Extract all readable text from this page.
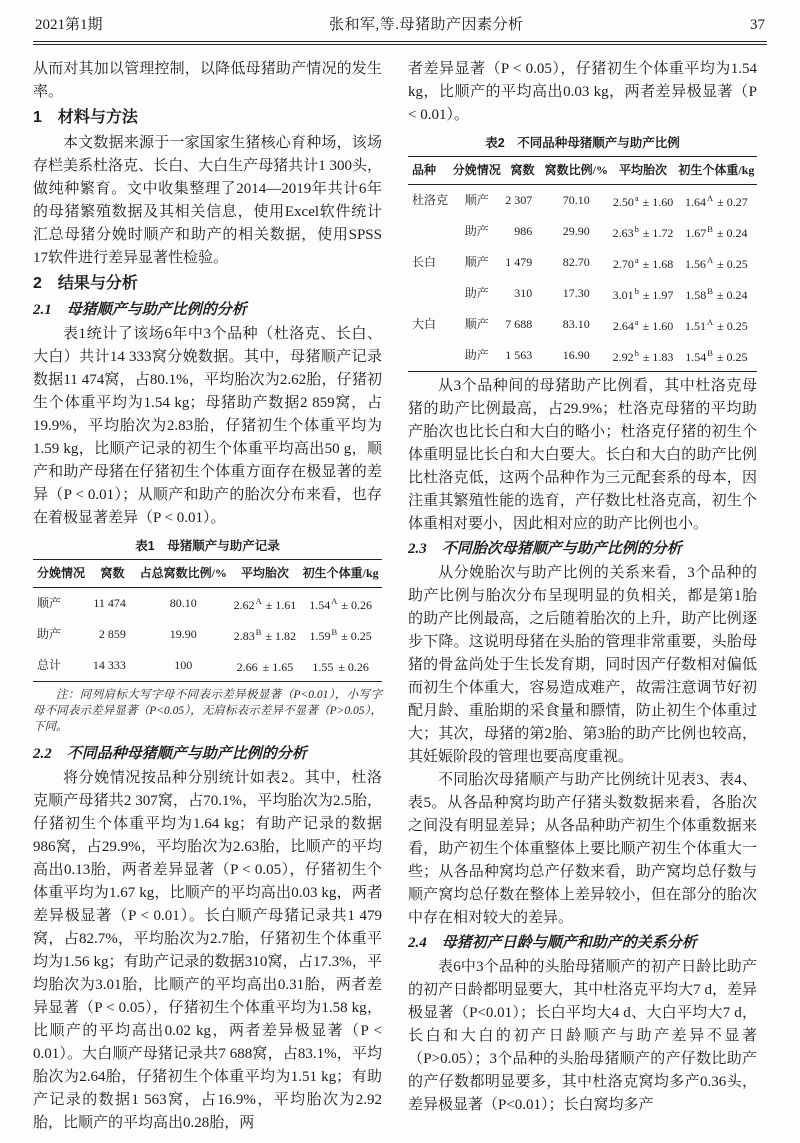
2021第1期	张和军,等.母猪助产因素分析	37

从而对其加以管理控制，以降低母猪助产情况的发生率。

1　材料与方法

本文数据来源于一家国家生猪核心育种场，该场存栏美系杜洛克、长白、大白生产母猪共计1 300头，做纯种繁育。文中收集整理了2014—2019年共计6年的母猪繁殖数据及其相关信息，使用Excel软件统计汇总母猪分娩时顺产和助产的相关数据，使用SPSS 17软件进行差异显著性检验。

2　结果与分析
2.1　母猪顺产与助产比例的分析

表1统计了该场6年中3个品种（杜洛克、长白、大白）共计14 333窝分娩数据。其中，母猪顺产记录数据11 474窝，占80.1%，平均胎次为2.62胎，仔猪初生个体重平均为1.54 kg；母猪助产数据2 859窝，占19.9%，平均胎次为2.83胎，仔猪初生个体重平均为1.59 kg，比顺产记录的初生个体重平均高出50 g，顺产和助产母猪在仔猪初生个体重方面存在极显著的差异（P < 0.01）；从顺产和助产的胎次分布来看，也存在着极显著差异（P < 0.01）。

表1　母猪顺产与助产记录
分娩情况	窝数	占总窝数比例/%	平均胎次	初生个体重/kg
顺产	11 474	80.10	$2.62^A \pm 1.61$	$1.54^A \pm 0.26$
助产	2 859	19.90	$2.83^B \pm 1.82$	$1.59^B \pm 0.25$
总计	14 333	100	2.66 ± 1.65	1.55 ± 0.26

注：同列肩标大写字母不同表示差异极显著（P<0.01），小写字母不同表示差异显著（P<0.05），无肩标表示差异不显著（P>0.05），下同。

2.2　不同品种母猪顺产与助产比例的分析

将分娩情况按品种分别统计如表2。其中，杜洛克顺产母猪共2 307窝，占70.1%，平均胎次为2.5胎，仔猪初生个体重平均为1.64 kg；有助产记录的数据986窝，占29.9%，平均胎次为2.63胎，比顺产的平均高出0.13胎，两者差异显著（P < 0.05），仔猪初生个体重平均为1.67 kg，比顺产的平均高出0.03 kg，两者差异极显著（P < 0.01）。长白顺产母猪记录共1 479窝，占82.7%，平均胎次为2.7胎，仔猪初生个体重平均为1.56 kg；有助产记录的数据310窝，占17.3%，平均胎次为3.01胎，比顺产的平均高出0.31胎，两者差异显著（P < 0.05），仔猪初生个体重平均为1.58 kg，比顺产的平均高出0.02 kg，两者差异极显著（P < 0.01）。大白顺产母猪记录共7 688窝，占83.1%，平均胎次为2.64胎，仔猪初生个体重平均为1.51 kg；有助产记录的数据1 563窝，占16.9%，平均胎次为2.92胎，比顺产的平均高出0.28胎，两

者差异显著（P < 0.05），仔猪初生个体重平均为1.54 kg，比顺产的平均高出0.03 kg，两者差异极显著（P < 0.01）。

表2　不同品种母猪顺产与助产比例
品种	分娩情况	窝数	窝数比例/%	平均胎次	初生个体重/kg
杜洛克	顺产	2 307	70.10	2.50$^a$ ± 1.60	$1.64^A \pm 0.27$
	助产	986	29.90	2.63$^b$ ± 1.72	$1.67^B \pm 0.24$
长白	顺产	1 479	82.70	2.70$^a$ ± 1.68	$1.56^A \pm 0.25$
	助产	310	17.30	3.01$^b$ ± 1.97	$1.58^B \pm 0.24$
大白	顺产	7 688	83.10	2.64$^a$ ± 1.60	$1.51^A \pm 0.25$
	助产	1 563	16.90	2.92$^b$ ± 1.83	$1.54^B \pm 0.25$

从3个品种间的母猪助产比例看，其中杜洛克母猪的助产比例最高，占29.9%；杜洛克母猪的平均助产胎次也比长白和大白的略小；杜洛克仔猪的初生个体重明显比长白和大白要大。长白和大白的助产比例比杜洛克低，这两个品种作为三元配套系的母本，因注重其繁殖性能的选育，产仔数比杜洛克高，初生个体重相对要小，因此相对应的助产比例也小。

2.3　不同胎次母猪顺产与助产比例的分析

从分娩胎次与助产比例的关系来看，3个品种的助产比例与胎次分布呈现明显的负相关，都是第1胎的助产比例最高，之后随着胎次的上升，助产比例逐步下降。这说明母猪在头胎的管理非常重要，头胎母猪的骨盆尚处于生长发育期，同时因产仔数相对偏低而初生个体重大，容易造成难产，故需注意调节好初配月龄、重胎期的采食量和膘情，防止初生个体重过大；其次，母猪的第2胎、第3胎的助产比例也较高，其妊娠阶段的管理也要高度重视。

不同胎次母猪顺产与助产比例统计见表3、表4、表5。从各品种窝均助产仔猪头数数据来看，各胎次之间没有明显差异；从各品种助产初生个体重数据来看，助产初生个体重整体上要比顺产初生个体重大一些；从各品种窝均总产仔数来看，助产窝均总仔数与顺产窝均总仔数在整体上差异较小，但在部分的胎次中存在相对较大的差异。

2.4　母猪初产日龄与顺产和助产的关系分析

表6中3个品种的头胎母猪顺产的初产日龄比助产的初产日龄都明显要大，其中杜洛克平均大7 d，差异极显著（P<0.01）；长白平均大4 d、大白平均大7 d，长白和大白的初产日龄顺产与助产差异不显著（P>0.05）；3个品种的头胎母猪顺产的产仔数比助产的产仔数都明显要多，其中杜洛克窝均多产0.36头，差异极显著（P<0.01）；长白窝均多产
